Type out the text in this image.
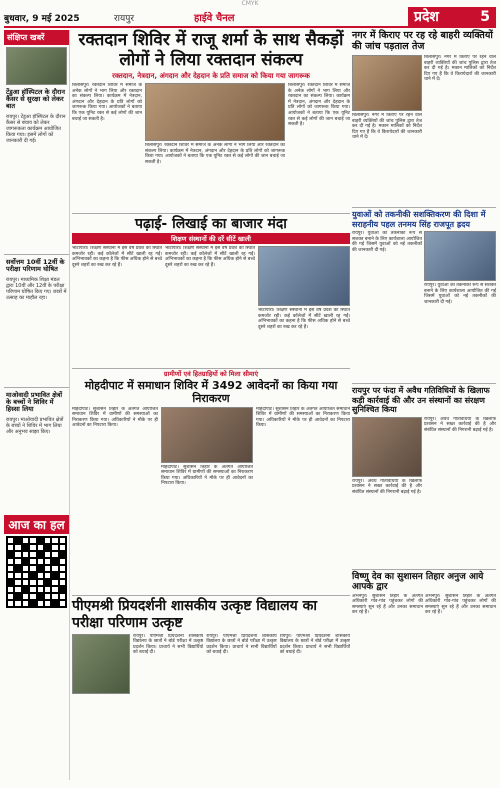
CMYK
बुधवार, 9 मई 2025	रायपुर	हाईवे चैनल	प्रदेश	5
संक्षिप्त खबरें
टेंडुआ हॉस्पिटल के दौरान कैंसर से सुरक्षा को लेकर बात
रायपुर। टेंडुआ हॉस्पिटल के दौरान कैंसर से बचाव को लेकर जागरूकता कार्यक्रम आयोजित किया गया। इसमें लोगों को जानकारी दी गई।
सर्वोत्तम 10वीं 12वीं के परीक्षा परिणाम घोषित
रायपुर। माध्यमिक शिक्षा मंडल द्वारा 10वीं और 12वीं के परीक्षा परिणाम घोषित किए गए। छात्रों में उत्साह का माहौल रहा।
माओवादी प्रभावित क्षेत्रों के बच्चों ने शिविर में हिस्सा लिया
रायपुर। माओवादी प्रभावित क्षेत्रों के बच्चों ने शिविर में भाग लिया और अनुभव साझा किए।
आज का हल
रक्तदान शिविर में राजू शर्मा के साथ सैकड़ों लोगों ने लिया रक्तदान संकल्प
रक्तदान, नेत्रदान, अंगदान और देहदान के प्रति समाज को किया गया जागरूक
बिलासपुर। रक्तदान शिविर में समाज के अनेक लोगों ने भाग लिया और रक्तदान का संकल्प लिया। कार्यक्रम में नेत्रदान, अंगदान और देहदान के प्रति लोगों को जागरूक किया गया। आयोजकों ने बताया कि एक यूनिट रक्त से कई लोगों की जान बचाई जा सकती है।
बिलासपुर। रक्तदान शिविर में समाज के अनेक लोगों ने भाग लिया और रक्तदान का संकल्प लिया। कार्यक्रम में नेत्रदान, अंगदान और देहदान के प्रति लोगों को जागरूक किया गया। आयोजकों ने बताया कि एक यूनिट रक्त से कई लोगों की जान बचाई जा सकती है।
बिलासपुर। रक्तदान शिविर में समाज के अनेक लोगों ने भाग लिया और रक्तदान का संकल्प लिया। कार्यक्रम में नेत्रदान, अंगदान और देहदान के प्रति लोगों को जागरूक किया गया। आयोजकों ने बताया कि एक यूनिट रक्त से कई लोगों की जान बचाई जा सकती है।
पढ़ाई- लिखाई का बाजार मंदा
शिक्षण संस्थानों की दरें सीटें खाली
भाटापारा। शिक्षण संस्थानों में इस वर्ष प्रवेश की स्थिति कमजोर रही। कई कॉलेजों में सीटें खाली रह गईं। अभिभावकों का कहना है कि फीस अधिक होने से बच्चे दूसरे शहरों का रुख कर रहे हैं।
भाटापारा। शिक्षण संस्थानों में इस वर्ष प्रवेश की स्थिति कमजोर रही। कई कॉलेजों में सीटें खाली रह गईं। अभिभावकों का कहना है कि फीस अधिक होने से बच्चे दूसरे शहरों का रुख कर रहे हैं।
भाटापारा। शिक्षण संस्थानों में इस वर्ष प्रवेश की स्थिति कमजोर रही। कई कॉलेजों में सीटें खाली रह गईं। अभिभावकों का कहना है कि फीस अधिक होने से बच्चे दूसरे शहरों का रुख कर रहे हैं।
ग्रामीणों एवं हितग्राहियों को मिला सीमाएं
मोहदीपाट में समाधान शिविर में 3492 आवेदनों का किया गया निराकरण
मोहदीपाट। सुशासन तिहार के अंतर्गत आयोजित समाधान शिविर में ग्रामीणों की समस्याओं का निराकरण किया गया। अधिकारियों ने मौके पर ही आवेदनों का निपटारा किया।
मोहदीपाट। सुशासन तिहार के अंतर्गत आयोजित समाधान शिविर में ग्रामीणों की समस्याओं का निराकरण किया गया। अधिकारियों ने मौके पर ही आवेदनों का निपटारा किया।
मोहदीपाट। सुशासन तिहार के अंतर्गत आयोजित समाधान शिविर में ग्रामीणों की समस्याओं का निराकरण किया गया। अधिकारियों ने मौके पर ही आवेदनों का निपटारा किया।
पीएमश्री प्रियदर्शनी शासकीय उत्कृष्ट विद्यालय का परीक्षा परिणाम उत्कृष्ट
रायपुर। पीएमश्री प्रियदर्शनी शासकीय विद्यालय के छात्रों ने बोर्ड परीक्षा में उत्कृष्ट प्रदर्शन किया। प्राचार्य ने सभी विद्यार्थियों को बधाई दी।
रायपुर। पीएमश्री प्रियदर्शनी शासकीय विद्यालय के छात्रों ने बोर्ड परीक्षा में उत्कृष्ट प्रदर्शन किया। प्राचार्य ने सभी विद्यार्थियों को बधाई दी।
रायपुर। पीएमश्री प्रियदर्शनी शासकीय विद्यालय के छात्रों ने बोर्ड परीक्षा में उत्कृष्ट प्रदर्शन किया। प्राचार्य ने सभी विद्यार्थियों को बधाई दी।
नगर में किराए पर रह रहे बाहरी व्यक्तियों की जांच पड़ताल तेज
बिलासपुर। नगर में किराए पर रहने वाले बाहरी व्यक्तियों की जांच पुलिस द्वारा तेज कर दी गई है। मकान मालिकों को निर्देश दिए गए हैं कि वे किरायेदारों की जानकारी थाने में दें।
बिलासपुर। नगर में किराए पर रहने वाले बाहरी व्यक्तियों की जांच पुलिस द्वारा तेज कर दी गई है। मकान मालिकों को निर्देश दिए गए हैं कि वे किरायेदारों की जानकारी थाने में दें।
युवाओं को तकनीकी सशक्तिकरण की दिशा में सराहनीय पहल तनमय सिंह राजपूत ह्रदय
रायपुर। युवाओं को तकनीकी रूप से सशक्त बनाने के लिए कार्यशाला आयोजित की गई जिसमें युवाओं को नई तकनीकों की जानकारी दी गई।
रायपुर। युवाओं को तकनीकी रूप से सशक्त बनाने के लिए कार्यशाला आयोजित की गई जिसमें युवाओं को नई तकनीकों की जानकारी दी गई।
रायपुर पर फंदा में अवैध गतिविधियों के खिलाफ कड़ी कार्रवाई की और उन संस्थानों का संरक्षण सुनिश्चित किया
रायपुर। अवैध गतिविधियों के खिलाफ प्रशासन ने सख्त कार्रवाई की है और संबंधित संस्थानों की निगरानी बढ़ाई गई है।
रायपुर। अवैध गतिविधियों के खिलाफ प्रशासन ने सख्त कार्रवाई की है और संबंधित संस्थानों की निगरानी बढ़ाई गई है।
विष्णु देव का सुशासन तिहार अनुज आये आपके द्वार
अभनपुर। सुशासन तिहार के अंतर्गत अधिकारी गांव-गांव पहुंचकर लोगों की समस्याएं सुन रहे हैं और उनका समाधान कर रहे हैं।
अभनपुर। सुशासन तिहार के अंतर्गत अधिकारी गांव-गांव पहुंचकर लोगों की समस्याएं सुन रहे हैं और उनका समाधान कर रहे हैं।
